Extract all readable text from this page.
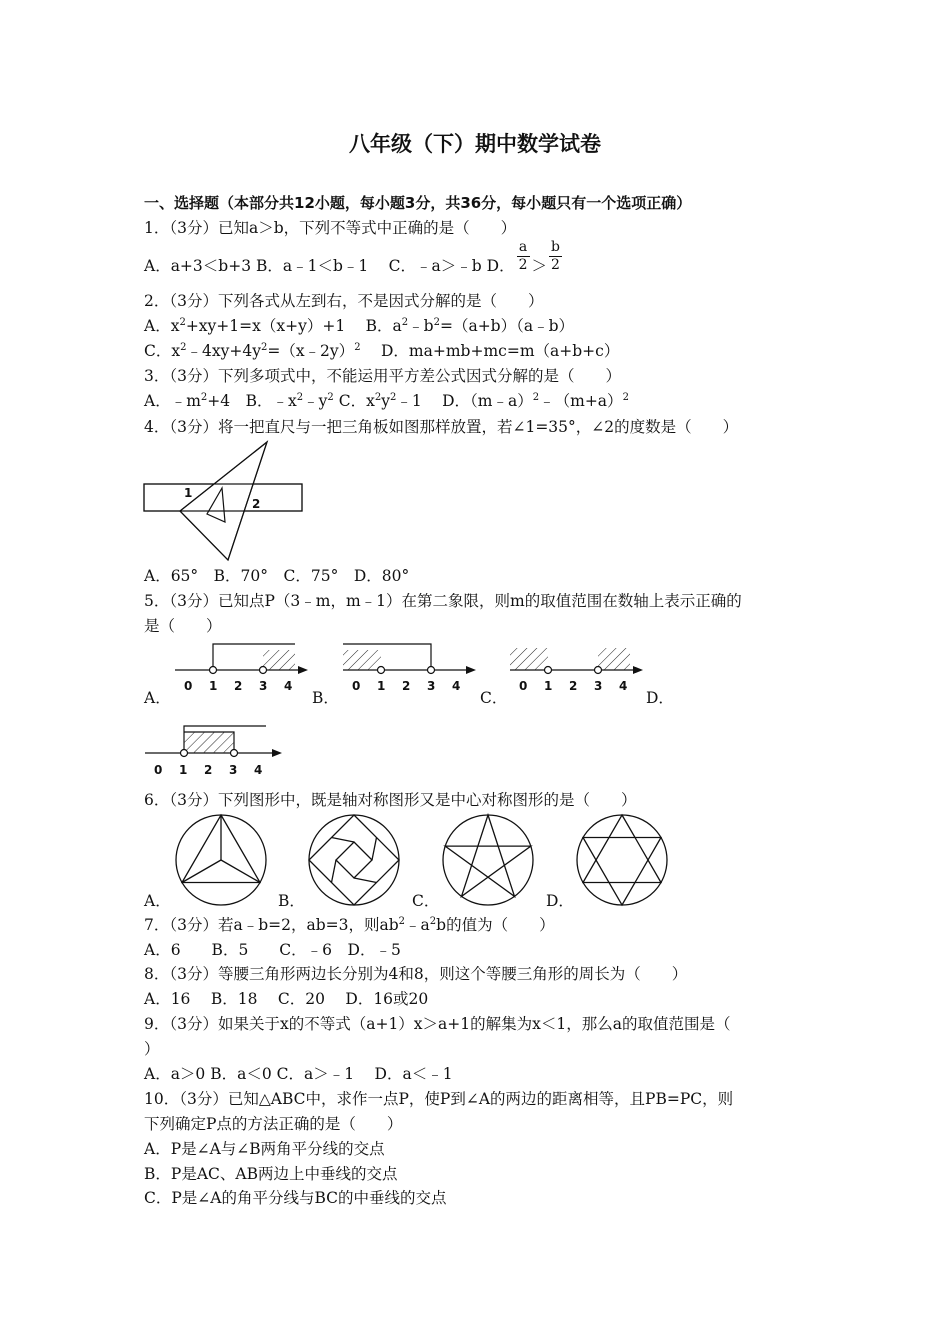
八年级（下）期中数学试卷
一、选择题（本部分共12小题，每小题3分，共36分，每小题只有一个选项正确）
1．（3分）已知a＞b，下列不等式中正确的是（　　）
A．a+3＜b+3 B．a﹣1＜b﹣1　 C．﹣a＞﹣b D． $\frac{a}{2} > \frac{b}{2}$
2．（3分）下列各式从左到右，不是因式分解的是（　　）
A．$x^2+xy+1=x(x+y)+1$　 B．$a^2﹣b^2=(a+b)(a﹣b)$
C．$x^2﹣4xy+4y^2=(x﹣2y)^2$　 D．ma+mb+mc=m（a+b+c）
3．（3分）下列多项式中，不能运用平方差公式因式分解的是（　　）
A．$﹣m^2+4$　B．$﹣x^2﹣y^2$ C．$x^2y^2﹣1$　 D．$(m﹣a)^2﹣(m+a)^2$
4．（3分）将一把直尺与一把三角板如图那样放置，若∠1=35°，∠2的度数是（　　）
1
2
A．65°　B．70°　C．75°　D．80°
5．（3分）已知点P（3﹣m，m﹣1）在第二象限，则m的取值范围在数轴上表示正确的
是（　　）
A．
0 1 2 3 4
B．
0 1 2 3 4
C．
0 1 2 3 4
D．
0 1 2 3 4
6．（3分）下列图形中，既是轴对称图形又是中心对称图形的是（　　）
A．	B．	C．	D．
7．（3分）若a﹣b=2，ab=3，则$ab^2﹣a^2b$的值为（　　）
A．6　　B．5　　C．﹣6　D．﹣5
8．（3分）等腰三角形两边长分别为4和8，则这个等腰三角形的周长为（　　）
A．16　 B．18　 C．20　 D．16或20
9．（3分）如果关于x的不等式（a+1）x＞a+1的解集为x＜1，那么a的取值范围是（
）
A．a＞0 B．a＜0 C．a＞﹣1　 D．a＜﹣1
10．（3分）已知△ABC中，求作一点P，使P到∠A的两边的距离相等，且PB=PC，则
下列确定P点的方法正确的是（　　）
A．P是∠A与∠B两角平分线的交点
B．P是AC、AB两边上中垂线的交点
C．P是∠A的角平分线与BC的中垂线的交点
